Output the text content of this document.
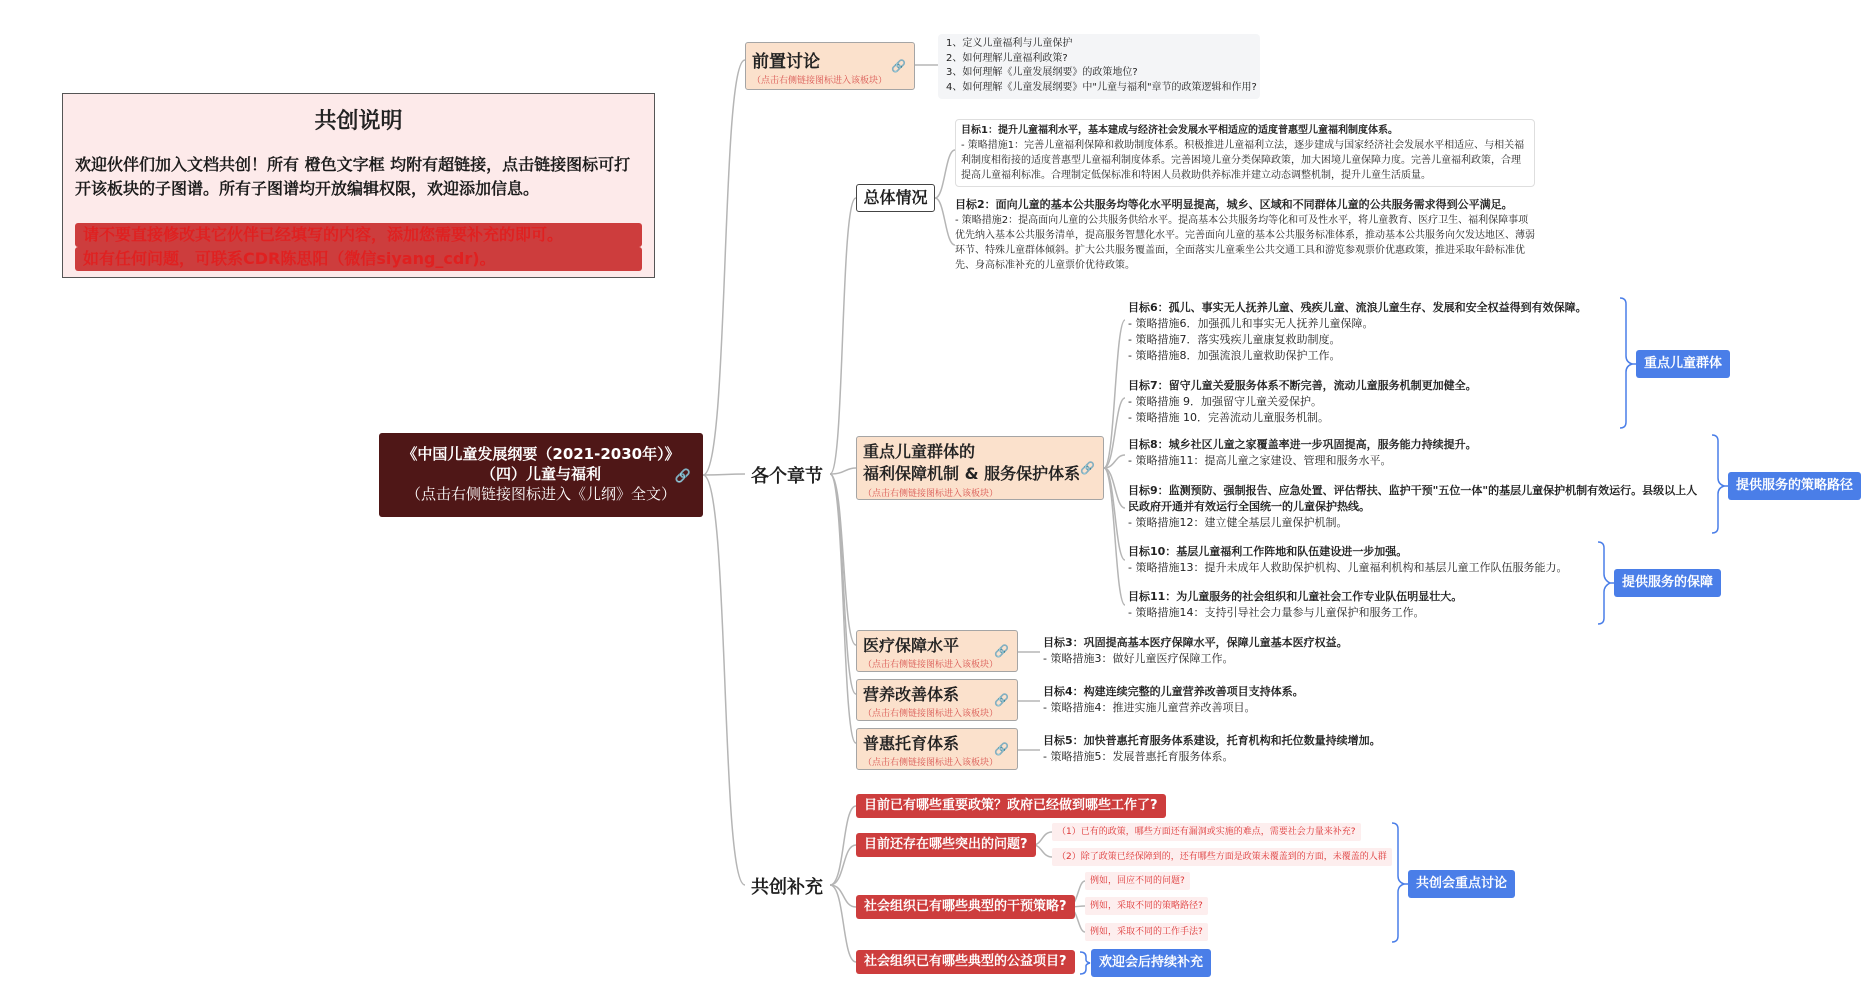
共创说明

欢迎伙伴们加入文档共创！所有 橙色文字框 均附有超链接，点击链接图标可打开该板块的子图谱。所有子图谱均开放编辑权限，欢迎添加信息。

请不要直接修改其它伙伴已经填写的内容，添加您需要补充的即可。

如有任何问题，可联系CDR陈思阳（微信siyang_cdr)。

《中国儿童发展纲要（2021-2030年）》
（四）儿童与福利
（点击右侧链接图标进入《儿纲》全文）
🔗
前置讨论
（点击右侧链接图标进入该板块）
🔗
1、定义儿童福利与儿童保护
2、如何理解儿童福利政策?
3、如何理解《儿童发展纲要》的政策地位?
4、如何理解《儿童发展纲要》中"儿童与福利"章节的政策逻辑和作用?
各个章节
总体情况
目标1：提升儿童福利水平，基本建成与经济社会发展水平相适应的适度普惠型儿童福利制度体系。
- 策略措施1：完善儿童福利保障和救助制度体系。积极推进儿童福利立法，逐步建成与国家经济社会发展水平相适应、与相关福利制度相衔接的适度普惠型儿童福利制度体系。完善困境儿童分类保障政策，加大困境儿童保障力度。完善儿童福利政策，合理提高儿童福利标准。合理制定低保标准和特困人员救助供养标准并建立动态调整机制，提升儿童生活质量。
目标2：面向儿童的基本公共服务均等化水平明显提高，城乡、区域和不同群体儿童的公共服务需求得到公平满足。
- 策略措施2：提高面向儿童的公共服务供给水平。提高基本公共服务均等化和可及性水平，将儿童教育、医疗卫生、福利保障事项优先纳入基本公共服务清单，提高服务智慧化水平。完善面向儿童的基本公共服务标准体系，推动基本公共服务向欠发达地区、薄弱环节、特殊儿童群体倾斜。扩大公共服务覆盖面，全面落实儿童乘坐公共交通工具和游览参观票价优惠政策，推进采取年龄标准优先、身高标准补充的儿童票价优待政策。
重点儿童群体的
福利保障机制 & 服务保护体系
（点击右侧链接图标进入该板块）
🔗
目标6：孤儿、事实无人抚养儿童、残疾儿童、流浪儿童生存、发展和安全权益得到有效保障。
- 策略措施6．加强孤儿和事实无人抚养儿童保障。
- 策略措施7．落实残疾儿童康复救助制度。
- 策略措施8．加强流浪儿童救助保护工作。
目标7：留守儿童关爱服务体系不断完善，流动儿童服务机制更加健全。
- 策略措施 9．加强留守儿童关爱保护。
- 策略措施 10．完善流动儿童服务机制。
目标8：城乡社区儿童之家覆盖率进一步巩固提高，服务能力持续提升。
- 策略措施11：提高儿童之家建设、管理和服务水平。
目标9：监测预防、强制报告、应急处置、评估帮扶、监护干预"五位一体"的基层儿童保护机制有效运行。县级以上人民政府开通并有效运行全国统一的儿童保护热线。
- 策略措施12：建立健全基层儿童保护机制。
目标10：基层儿童福利工作阵地和队伍建设进一步加强。
- 策略措施13：提升未成年人救助保护机构、儿童福利机构和基层儿童工作队伍服务能力。
目标11：为儿童服务的社会组织和儿童社会工作专业队伍明显壮大。
- 策略措施14：支持引导社会力量参与儿童保护和服务工作。
重点儿童群体
提供服务的策略路径
提供服务的保障
医疗保障水平
（点击右侧链接图标进入该板块）
🔗
目标3：巩固提高基本医疗保障水平，保障儿童基本医疗权益。
- 策略措施3：做好儿童医疗保障工作。
营养改善体系
（点击右侧链接图标进入该板块）
🔗
目标4：构建连续完整的儿童营养改善项目支持体系。
- 策略措施4：推进实施儿童营养改善项目。
普惠托育体系
（点击右侧链接图标进入该板块）
🔗
目标5：加快普惠托育服务体系建设，托育机构和托位数量持续增加。
- 策略措施5：发展普惠托育服务体系。
共创补充
目前已有哪些重要政策？政府已经做到哪些工作了?
目前还存在哪些突出的问题?
（1）已有的政策，哪些方面还有漏洞或实施的难点，需要社会力量来补充?
（2）除了政策已经保障到的，还有哪些方面是政策未覆盖到的方面，未覆盖的人群
社会组织已有哪些典型的干预策略?
例如，回应不同的问题?
例如，采取不同的策略路径?
例如，采取不同的工作手法?
社会组织已有哪些典型的公益项目?
共创会重点讨论
欢迎会后持续补充
